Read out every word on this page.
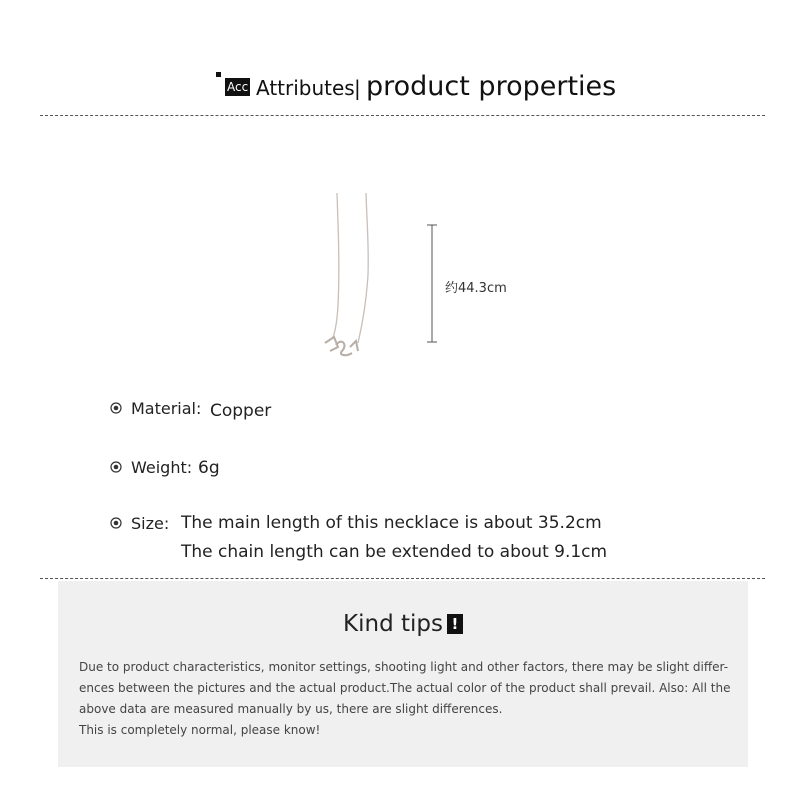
Acc Attributes | product properties
约44.3cm
Material: Copper
Weight: 6g
Size: The main length of this necklace is about 35.2cm
The chain length can be extended to about 9.1cm
Kind tips !
Due to product characteristics, monitor settings, shooting light and other factors, there may be slight differ-
ences between the pictures and the actual product.The actual color of the product shall prevail. Also: All the
above data are measured manually by us, there are slight differences.
This is completely normal, please know!
